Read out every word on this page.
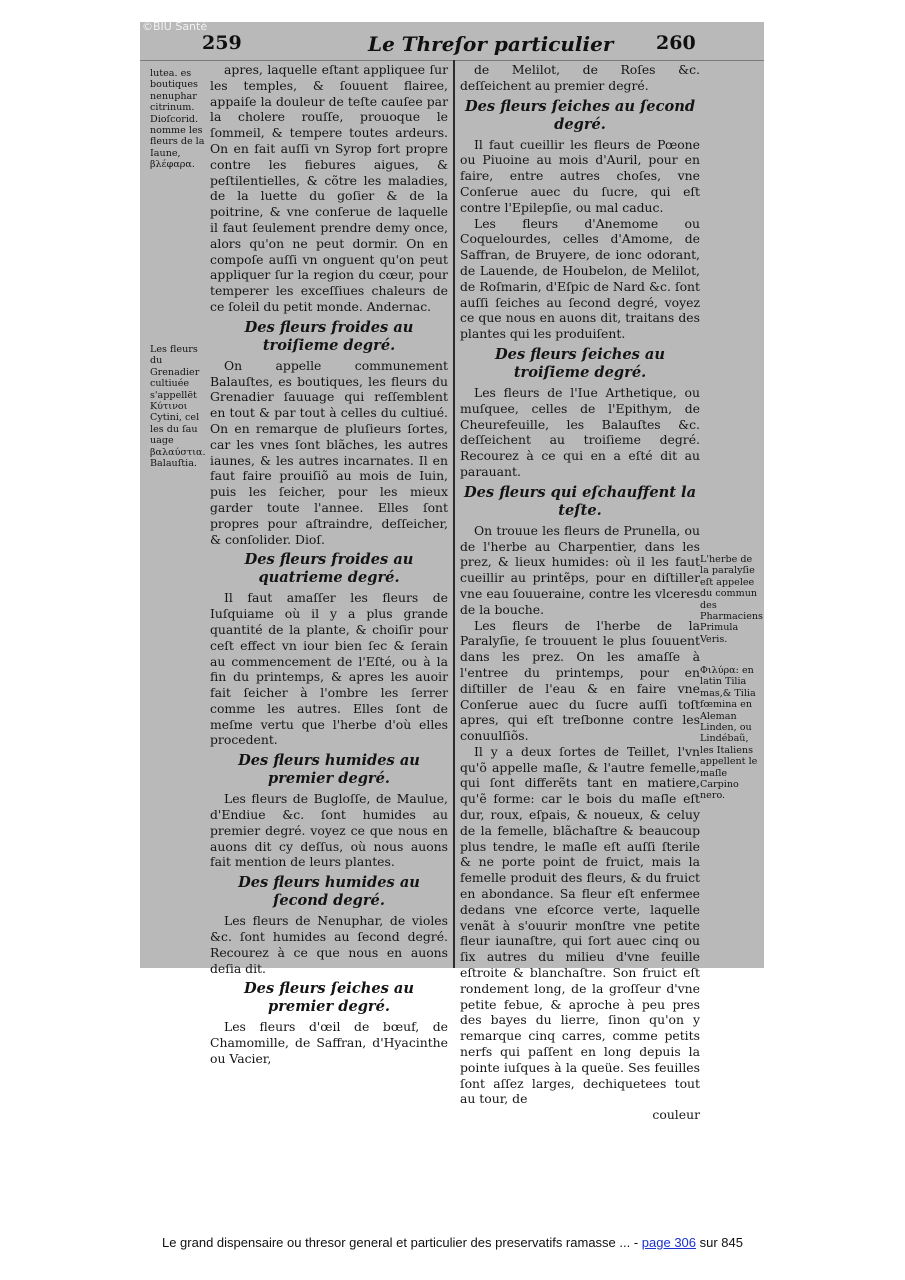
©BIU Santé
259	Le Threſor particulier 260
lutea. es boutiques nenuphar citrinum. Dioſcorid. nomme les fleurs de la Iaune, βλέφαρα.
Les fleurs du Grenadier cultiuée s'appellēt Κύτινοι Cytini, cel les du ſau uage βαλαύστια. Balauſtia.
L'herbe de la paralyſie eſt appelee du commun des Pharmaciens Primula Veris.
Φιλύρα: en latin Tilia mas,& Tilia fœmina en Aleman Linden, ou Lindébaũ, les Italiens appellent le maſle Carpino nero.

apres, laquelle eſtant appliquee ſur les temples, & ſouuent flairee, appaiſe la douleur de teſte cauſee par la cholere rouſſe, prouoque le ſommeil, & tempere toutes ardeurs. On en fait auſſi vn Syrop fort propre contre les fiebures aigues, & peſtilentielles, & cõtre les maladies, de la luette du goſier & de la poitrine, & vne conſerue de laquelle il faut ſeulement prendre demy once, alors qu'on ne peut dormir. On en compoſe auſſi vn onguent qu'on peut appliquer ſur la region du cœur, pour temperer les exceſſiues chaleurs de ce ſoleil du petit monde. Andernac.

Des fleurs froides au troiſieme degré.

On appelle communement Balauſtes, es boutiques, les fleurs du Grenadier ſauuage qui reſſemblent en tout & par tout à celles du cultiué. On en remarque de pluſieurs ſortes, car les vnes ſont blãches, les autres iaunes, & les autres incarnates. Il en faut faire prouiſiõ au mois de Iuin, puis les ſeicher, pour les mieux garder toute l'annee. Elles ſont propres pour aſtraindre, deſſeicher, & conſolider. Dioſ.

Des fleurs froides au quatrieme degré.

Il faut amaſſer les fleurs de Iuſquiame où il y a plus grande quantité de la plante, & choiſir pour ceſt effect vn iour bien ſec & ſerain au commencement de l'Eſté, ou à la fin du printemps, & apres les auoir fait ſeicher à l'ombre les ſerrer comme les autres. Elles ſont de meſme vertu que l'herbe d'où elles procedent.

Des fleurs humides au premier degré.

Les fleurs de Bugloſſe, de Maulue, d'Endiue &c. ſont humides au premier degré. voyez ce que nous en auons dit cy deſſus, où nous auons fait mention de leurs plantes.

Des fleurs humides au ſecond degré.

Les fleurs de Nenuphar, de violes &c. ſont humides au ſecond degré. Recourez à ce que nous en auons deſia dit.

Des fleurs ſeiches au premier degré.

Les fleurs d'œil de bœuf, de Chamomille, de Saffran, d'Hyacinthe ou Vacier,

de Melilot, de Roſes &c. deſſeichent au premier degré.

Des fleurs ſeiches au ſecond degré.

Il faut cueillir les fleurs de Pœone ou Piuoine au mois d'Auril, pour en faire, entre autres choſes, vne Conſerue auec du ſucre, qui eſt contre l'Epilepſie, ou mal caduc.

Les fleurs d'Anemome ou Coquelourdes, celles d'Amome, de Saffran, de Bruyere, de ionc odorant, de Lauende, de Houbelon, de Melilot, de Roſmarin, d'Eſpic de Nard &c. ſont auſſi ſeiches au ſecond degré, voyez ce que nous en auons dit, traitans des plantes qui les produiſent.

Des fleurs ſeiches au troiſieme degré.

Les fleurs de l'Iue Arthetique, ou muſquee, celles de l'Epithym, de Cheurefeuille, les Balauſtes &c. deſſeichent au troiſieme degré. Recourez à ce qui en a eſté dit au parauant.

Des fleurs qui eſchauffent la teſte.

On trouue les fleurs de Prunella, ou de l'herbe au Charpentier, dans les prez, & lieux humides: où il les faut cueillir au printẽps, pour en diſtiller vne eau ſouueraine, contre les vlceres de la bouche.

Les fleurs de l'herbe de la Paralyſie, ſe trouuent le plus ſouuent dans les prez. On les amaſſe à l'entree du printemps, pour en diſtiller de l'eau & en faire vne Conſerue auec du ſucre auſſi toſt apres, qui eſt treſbonne contre les conuulſiõs.

Il y a deux ſortes de Teillet, l'vn qu'õ appelle maſle, & l'autre femelle, qui ſont differẽts tant en matiere, qu'ẽ forme: car le bois du maſle eſt dur, roux, eſpais, & noueux, & celuy de la femelle, blãchaſtre & beaucoup plus tendre, le maſle eſt auſſi ſterile & ne porte point de fruict, mais la femelle produit des fleurs, & du fruict en abondance. Sa fleur eſt enfermee dedans vne eſcorce verte, laquelle venãt à s'ouurir monſtre vne petite fleur iaunaſtre, qui ſort auec cinq ou ſix autres du milieu d'vne feuille eſtroite & blanchaſtre. Son fruict eſt rondement long, de la groſſeur d'vne petite febue, & aproche à peu pres des bayes du lierre, ſinon qu'on y remarque cinq carres, comme petits nerfs qui paſſent en long depuis la pointe iuſques à la queüe. Ses feuilles ſont aſſez larges, dechiquetees tout au tour, de

couleur

Le grand dispensaire ou thresor general et particulier des preservatifs ramasse ... - page 306 sur 845
